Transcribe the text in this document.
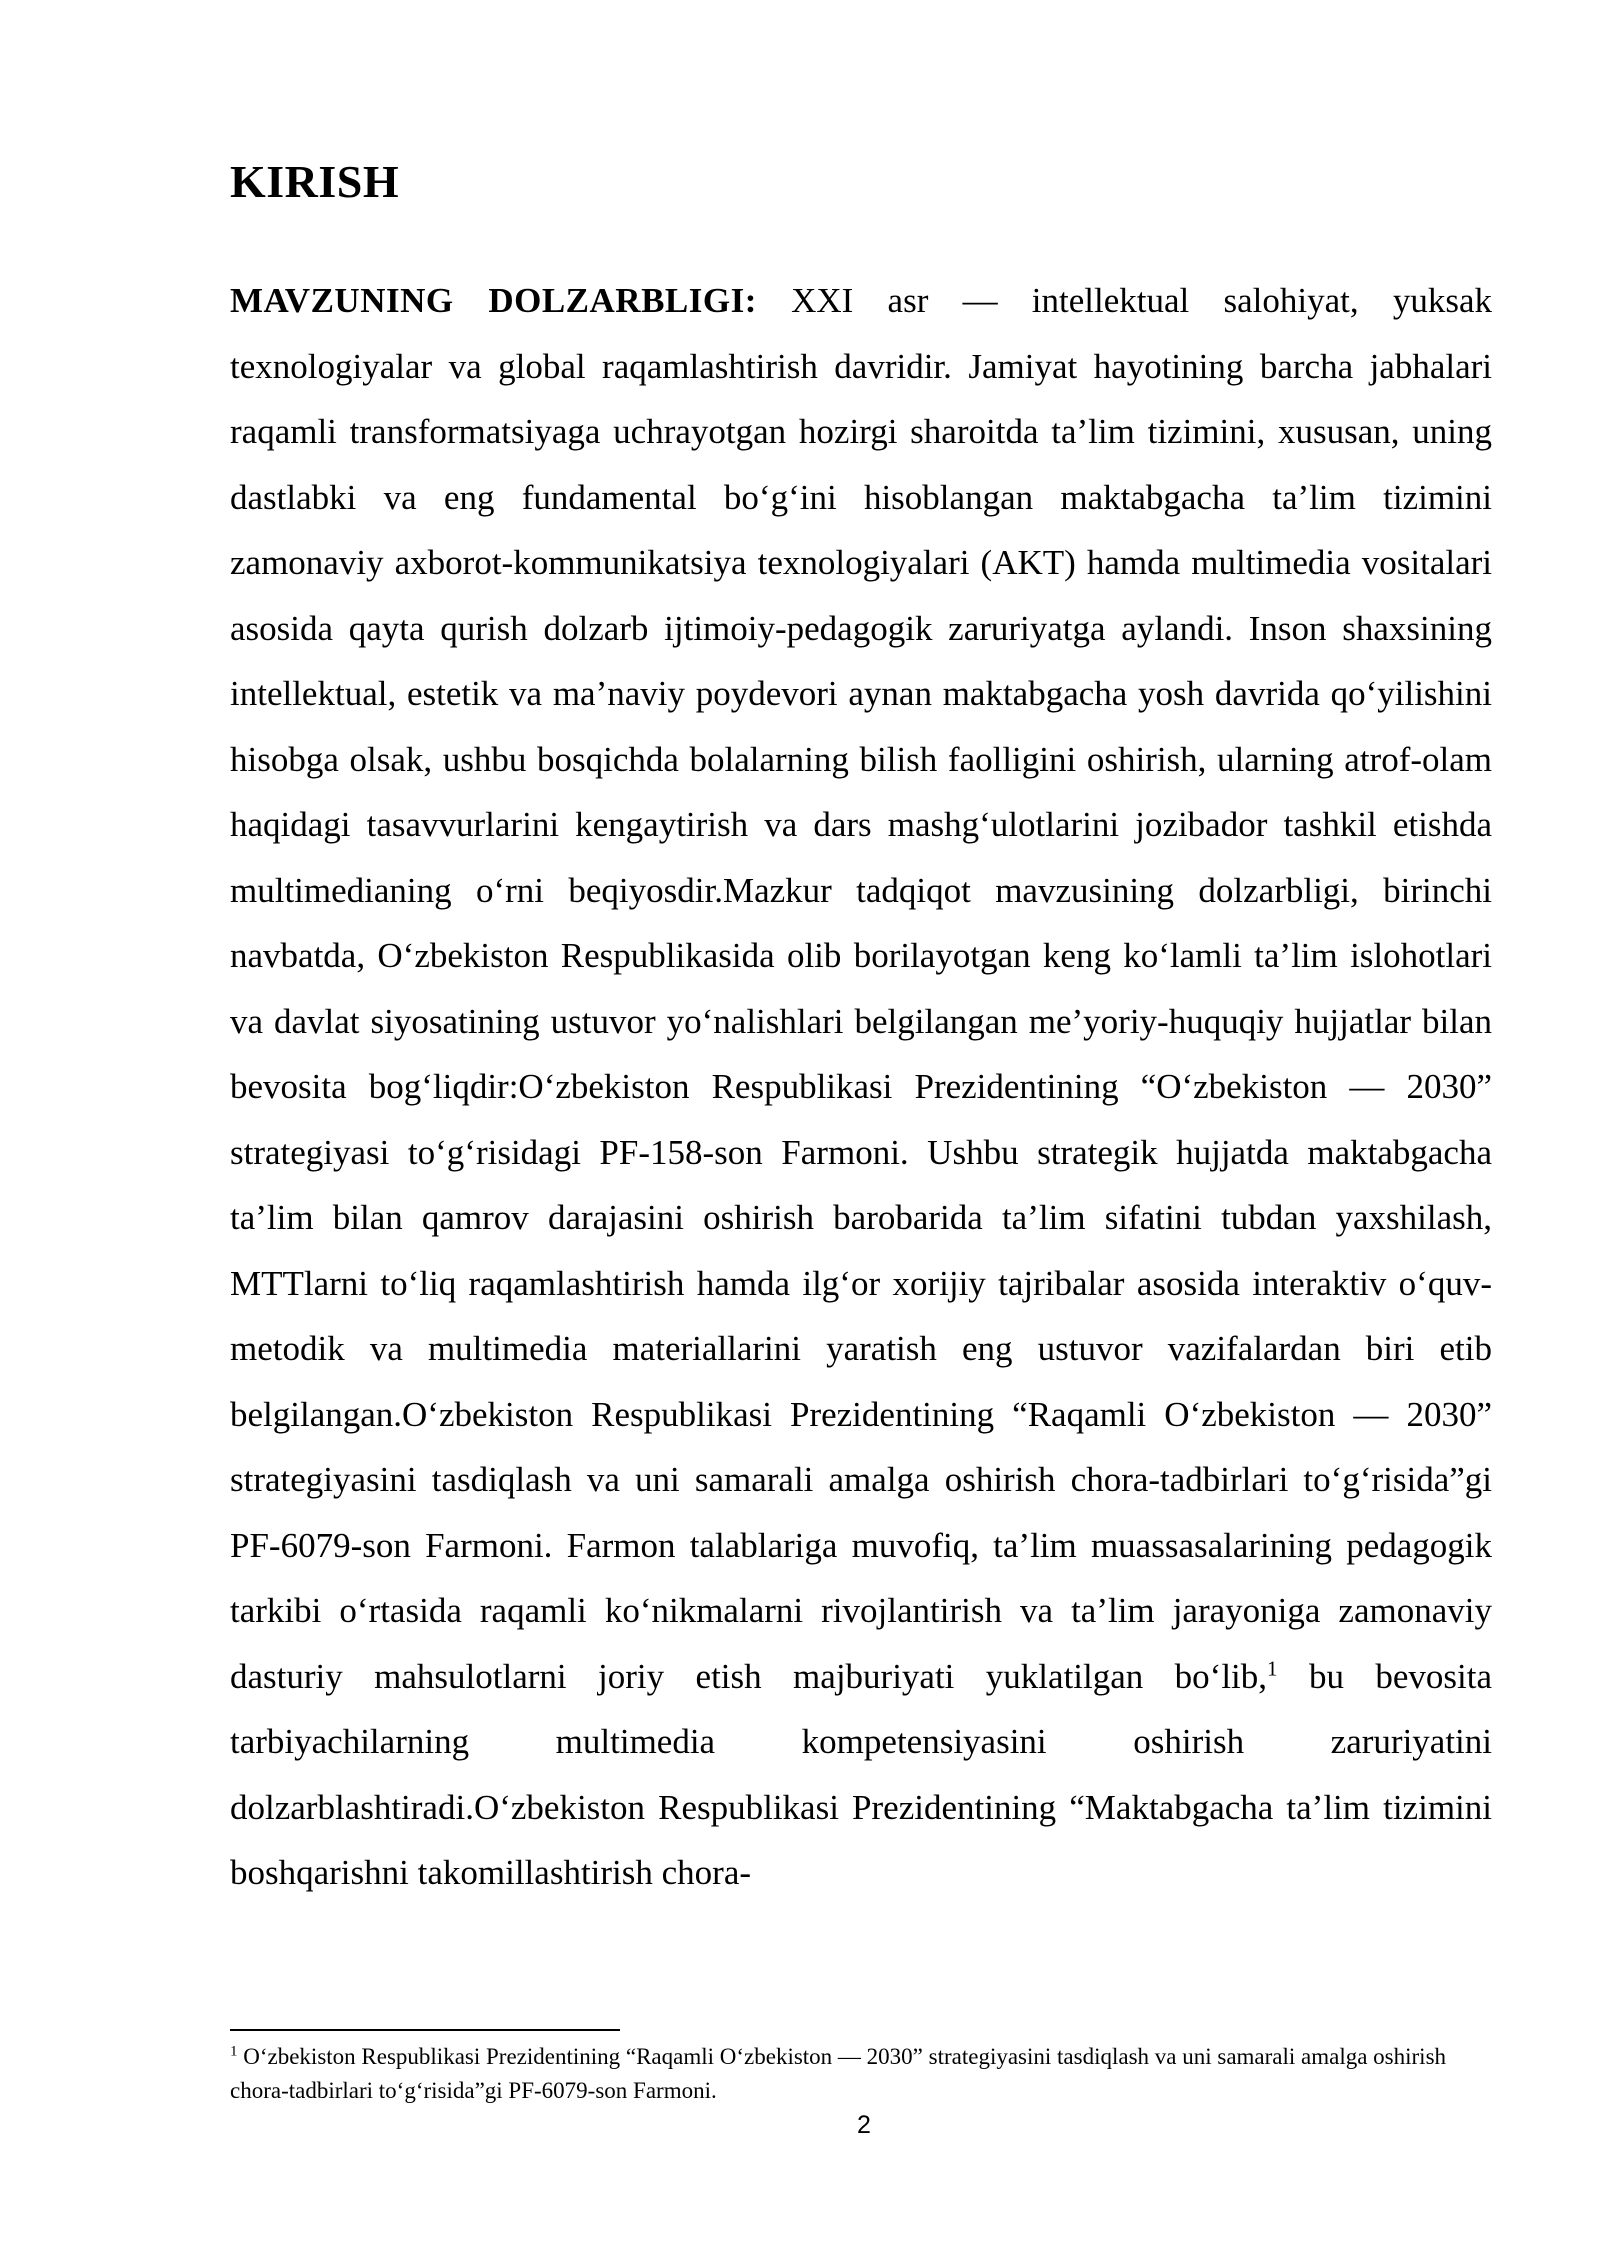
KIRISH

MAVZUNING DOLZARBLIGI: XXI asr — intellektual salohiyat, yuksak texnologiyalar va global raqamlashtirish davridir. Jamiyat hayotining barcha jabhalari raqamli transformatsiyaga uchrayotgan hozirgi sharoitda ta’lim tizimini, xususan, uning dastlabki va eng fundamental bo‘g‘ini hisoblangan maktabgacha ta’lim tizimini zamonaviy axborot-kommunikatsiya texnologiyalari (AKT) hamda multimedia vositalari asosida qayta qurish dolzarb ijtimoiy-pedagogik zaruriyatga aylandi. Inson shaxsining intellektual, estetik va ma’naviy poydevori aynan maktabgacha yosh davrida qo‘yilishini hisobga olsak, ushbu bosqichda bolalarning bilish faolligini oshirish, ularning atrof-olam haqidagi tasavvurlarini kengaytirish va dars mashg‘ulotlarini jozibador tashkil etishda multimedianing o‘rni beqiyosdir.Mazkur tadqiqot mavzusining dolzarbligi, birinchi navbatda, O‘zbekiston Respublikasida olib borilayotgan keng ko‘lamli ta’lim islohotlari va davlat siyosatining ustuvor yo‘nalishlari belgilangan me’yoriy-huquqiy hujjatlar bilan bevosita bog‘liqdir:O‘zbekiston Respublikasi Prezidentining “O‘zbekiston — 2030” strategiyasi to‘g‘risidagi PF-158-son Farmoni. Ushbu strategik hujjatda maktabgacha ta’lim bilan qamrov darajasini oshirish barobarida ta’lim sifatini tubdan yaxshilash, MTTlarni to‘liq raqamlashtirish hamda ilg‘or xorijiy tajribalar asosida interaktiv o‘quv-metodik va multimedia materiallarini yaratish eng ustuvor vazifalardan biri etib belgilangan.O‘zbekiston Respublikasi Prezidentining “Raqamli O‘zbekiston — 2030” strategiyasini tasdiqlash va uni samarali amalga oshirish chora-tadbirlari to‘g‘risida”gi PF-6079-son Farmoni. Farmon talablariga muvofiq, ta’lim muassasalarining pedagogik tarkibi o‘rtasida raqamli ko‘nikmalarni rivojlantirish va ta’lim jarayoniga zamonaviy dasturiy mahsulotlarni joriy etish majburiyati yuklatilgan bo‘lib,$^1$ bu bevosita tarbiyachilarning multimedia kompetensiyasini oshirish zaruriyatini dolzarblashtiradi.O‘zbekiston Respublikasi Prezidentining “Maktabgacha ta’lim tizimini boshqarishni takomillashtirish chora-

$^1$ O‘zbekiston Respublikasi Prezidentining “Raqamli O‘zbekiston — 2030” strategiyasini tasdiqlash va uni samarali amalga oshirish chora-tadbirlari to‘g‘risida”gi PF-6079-son Farmoni.

2
